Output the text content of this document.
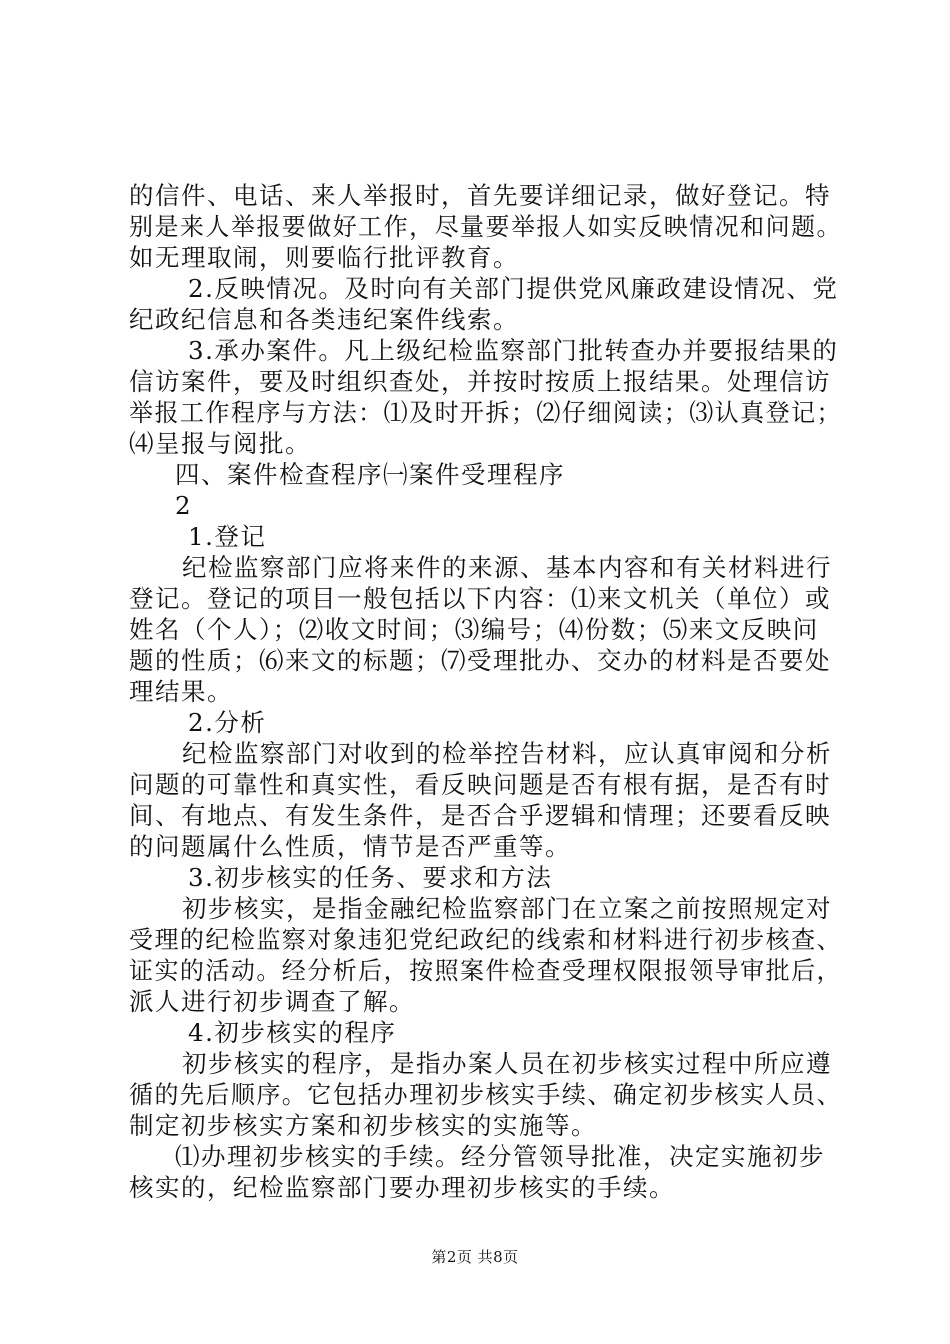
的信件、电话、来人举报时，首先要详细记录，做好登记。特
别是来人举报要做好工作，尽量要举报人如实反映情况和问题。
如无理取闹，则要临行批评教育。
2.反映情况。及时向有关部门提供党风廉政建设情况、党
纪政纪信息和各类违纪案件线索。
3.承办案件。凡上级纪检监察部门批转查办并要报结果的
信访案件，要及时组织查处，并按时按质上报结果。处理信访
举报工作程序与方法：⑴及时开拆；⑵仔细阅读；⑶认真登记；
⑷呈报与阅批。
四、案件检查程序㈠案件受理程序
2
1.登记
纪检监察部门应将来件的来源、基本内容和有关材料进行
登记。登记的项目一般包括以下内容：⑴来文机关（单位）或
姓名（个人）；⑵收文时间；⑶编号；⑷份数；⑸来文反映问
题的性质；⑹来文的标题；⑺受理批办、交办的材料是否要处
理结果。
2.分析
纪检监察部门对收到的检举控告材料，应认真审阅和分析
问题的可靠性和真实性，看反映问题是否有根有据，是否有时
间、有地点、有发生条件，是否合乎逻辑和情理；还要看反映
的问题属什么性质，情节是否严重等。
3.初步核实的任务、要求和方法
初步核实，是指金融纪检监察部门在立案之前按照规定对
受理的纪检监察对象违犯党纪政纪的线索和材料进行初步核查、
证实的活动。经分析后，按照案件检查受理权限报领导审批后，
派人进行初步调查了解。
4.初步核实的程序
初步核实的程序，是指办案人员在初步核实过程中所应遵
循的先后顺序。它包括办理初步核实手续、确定初步核实人员、
制定初步核实方案和初步核实的实施等。
⑴办理初步核实的手续。经分管领导批准，决定实施初步
核实的，纪检监察部门要办理初步核实的手续。
第2页 共8页
